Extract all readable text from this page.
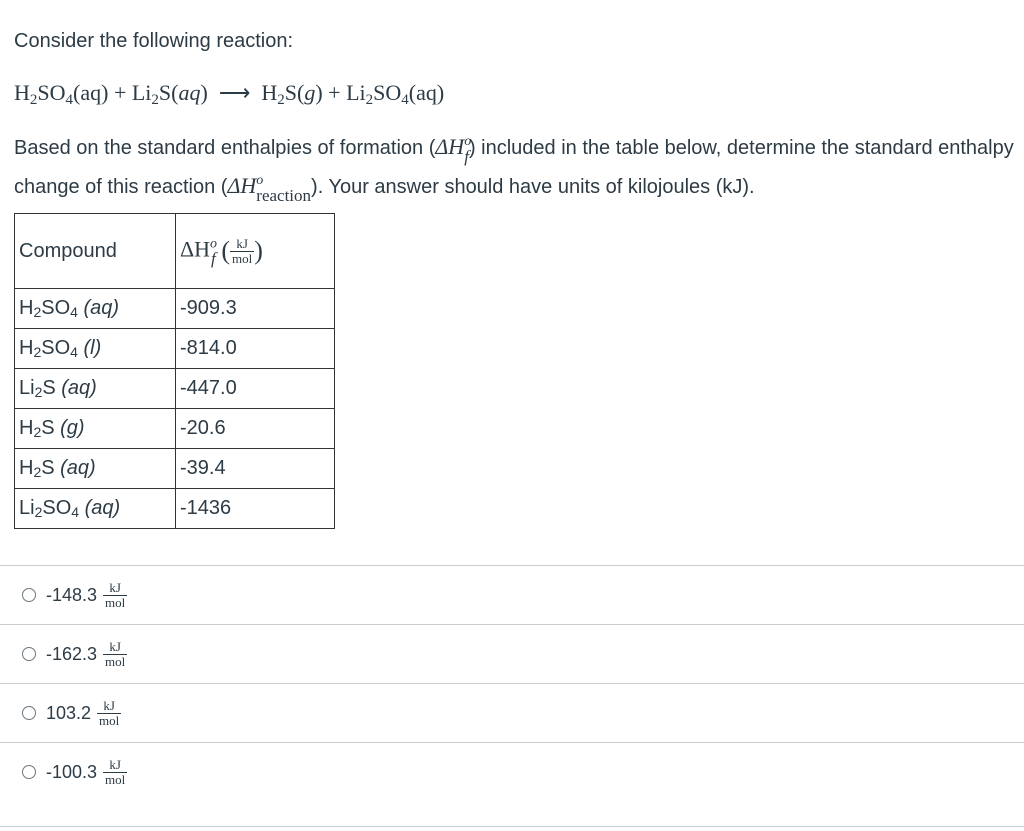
Consider the following reaction:
$H_2SO_4(aq) + Li_2S(aq)$ ⟶ $H_2S(g) + Li_2SO_4(aq)$
Based on the standard enthalpies of formation $(\Delta H^o_f)$ included in the table below, determine the standard enthalpy change of this reaction $(\Delta H^o_{reaction})$. Your answer should have units of kilojoules (kJ).
Compound	$\Delta H^o_f$ ( $\frac{kJ}{\text{mol}}$ )
$H_2SO_4$ (aq)	-909.3
$H_2SO_4$ (l)	-814.0
$Li_2S$ (aq)	-447.0
$H_2S$ (g)	-20.6
$H_2S$ (aq)	-39.4
$Li_2SO_4$ (aq)	-1436
$-148.3 \frac{kJ}{\text{mol}}$
$-162.3 \frac{kJ}{\text{mol}}$
$103.2 \frac{kJ}{\text{mol}}$
$-100.3 \frac{kJ}{\text{mol}}$
